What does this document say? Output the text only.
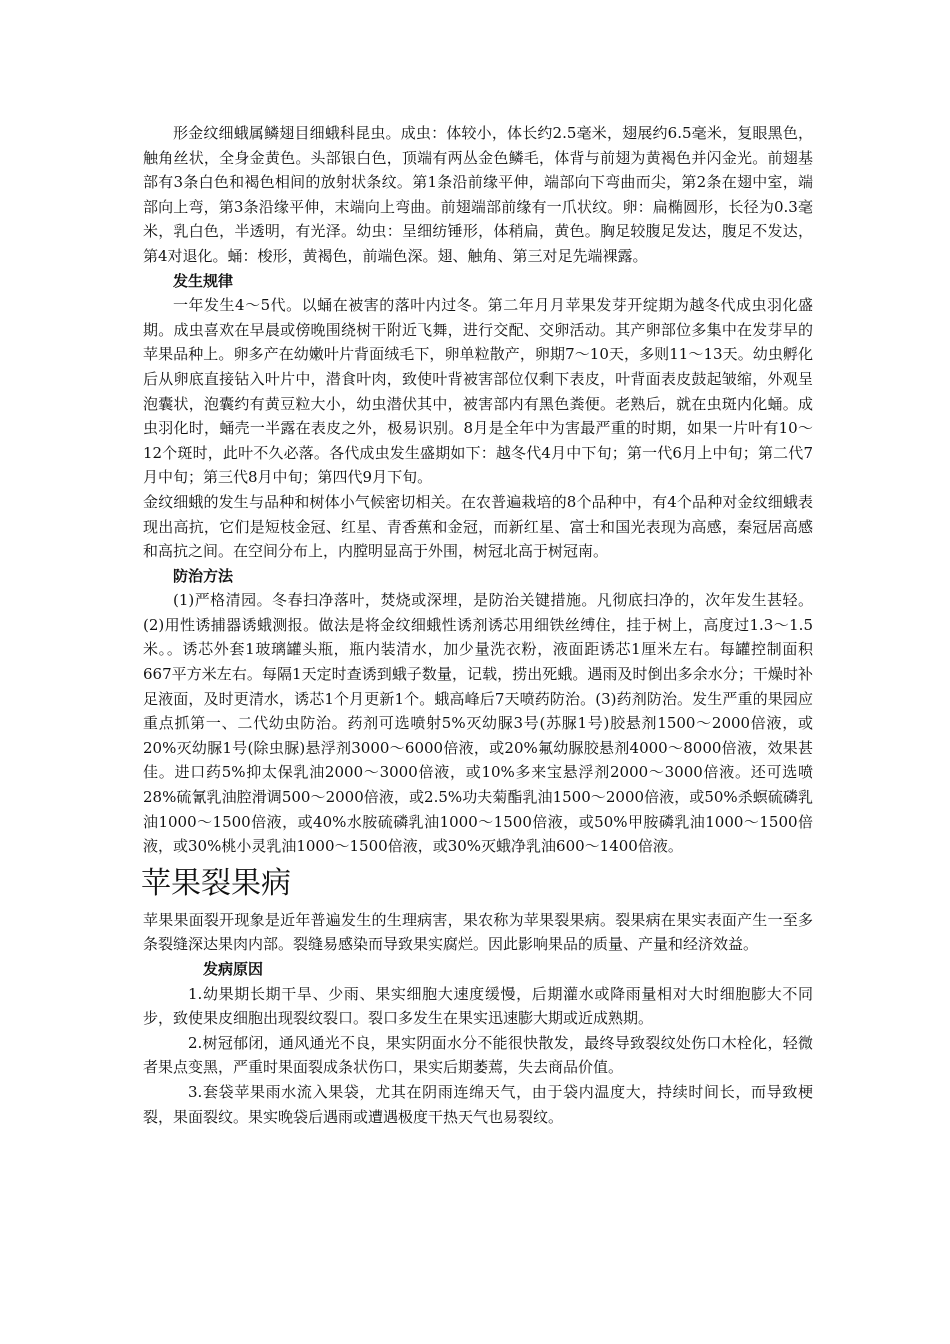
形金纹细蛾属鳞翅目细蛾科昆虫。成虫：体较小，体长约2.5毫米，翅展约6.5毫米，复眼黑色，触角丝状，全身金黄色。头部银白色，顶端有两丛金色鳞毛，体背与前翅为黄褐色并闪金光。前翅基部有3条白色和褐色相间的放射状条纹。第1条沿前缘平伸，端部向下弯曲而尖，第2条在翅中室，端部向上弯，第3条沿缘平伸，末端向上弯曲。前翅端部前缘有一爪状纹。卵：扁椭圆形，长径为0.3毫米，乳白色，半透明，有光泽。幼虫：呈细纺锤形，体稍扁，黄色。胸足较腹足发达，腹足不发达，第4对退化。蛹：梭形，黄褐色，前端色深。翅、触角、第三对足先端裸露。

发生规律

一年发生4～5代。以蛹在被害的落叶内过冬。第二年月月苹果发芽开绽期为越冬代成虫羽化盛期。成虫喜欢在早晨或傍晚围绕树干附近飞舞，进行交配、交卵活动。其产卵部位多集中在发芽早的苹果品种上。卵多产在幼嫩叶片背面绒毛下，卵单粒散产，卵期7～10天，多则11～13天。幼虫孵化后从卵底直接钻入叶片中，潜食叶肉，致使叶背被害部位仅剩下表皮，叶背面表皮鼓起皱缩，外观呈泡囊状，泡囊约有黄豆粒大小，幼虫潜伏其中，被害部内有黑色粪便。老熟后，就在虫斑内化蛹。成虫羽化时，蛹壳一半露在表皮之外，极易识别。8月是全年中为害最严重的时期，如果一片叶有10～12个斑时，此叶不久必落。各代成虫发生盛期如下：越冬代4月中下旬；第一代6月上中旬；第二代7月中旬；第三代8月中旬；第四代9月下旬。

金纹细蛾的发生与品种和树体小气候密切相关。在农普遍栽培的8个品种中，有4个品种对金纹细蛾表现出高抗，它们是短枝金冠、红星、青香蕉和金冠，而新红星、富士和国光表现为高感，秦冠居高感和高抗之间。在空间分布上，内膛明显高于外围，树冠北高于树冠南。

防治方法

(1)严格清园。冬春扫净落叶，焚烧或深埋，是防治关键措施。凡彻底扫净的，次年发生甚轻。(2)用性诱捕器诱蛾测报。做法是将金纹细蛾性诱剂诱芯用细铁丝缚住，挂于树上，高度过1.3～1.5米。。诱芯外套1玻璃罐头瓶，瓶内装清水，加少量洗衣粉，液面距诱芯1厘米左右。每罐控制面积667平方米左右。每隔1天定时查诱到蛾子数量，记载，捞出死蛾。遇雨及时倒出多余水分；干燥时补足液面，及时更清水，诱芯1个月更新1个。蛾高峰后7天喷药防治。(3)药剂防治。发生严重的果园应重点抓第一、二代幼虫防治。药剂可选喷射5%灭幼脲3号(苏脲1号)胶悬剂1500～2000倍液，或20%灭幼脲1号(除虫脲)悬浮剂3000～6000倍液，或20%氟幼脲胶悬剂4000～8000倍液，效果甚佳。进口药5%抑太保乳油2000～3000倍液，或10%多来宝悬浮剂2000～3000倍液。还可选喷28%硫氰乳油腔滑调500～2000倍液，或2.5%功夫菊酯乳油1500～2000倍液，或50%杀螟硫磷乳油1000～1500倍液，或40%水胺硫磷乳油1000～1500倍液，或50%甲胺磷乳油1000～1500倍液，或30%桃小灵乳油1000～1500倍液，或30%灭蛾净乳油600～1400倍液。

苹果裂果病

苹果果面裂开现象是近年普遍发生的生理病害，果农称为苹果裂果病。裂果病在果实表面产生一至多条裂缝深达果肉内部。裂缝易感染而导致果实腐烂。因此影响果品的质量、产量和经济效益。

发病原因

1.幼果期长期干旱、少雨、果实细胞大速度缓慢，后期灌水或降雨量相对大时细胞膨大不同步，致使果皮细胞出现裂纹裂口。裂口多发生在果实迅速膨大期或近成熟期。

2.树冠郁闭，通风通光不良，果实阴面水分不能很快散发，最终导致裂纹处伤口木栓化，轻微者果点变黑，严重时果面裂成条状伤口，果实后期萎蔫，失去商品价值。

3.套袋苹果雨水流入果袋，尤其在阴雨连绵天气，由于袋内温度大，持续时间长，而导致梗裂，果面裂纹。果实晚袋后遇雨或遭遇极度干热天气也易裂纹。
